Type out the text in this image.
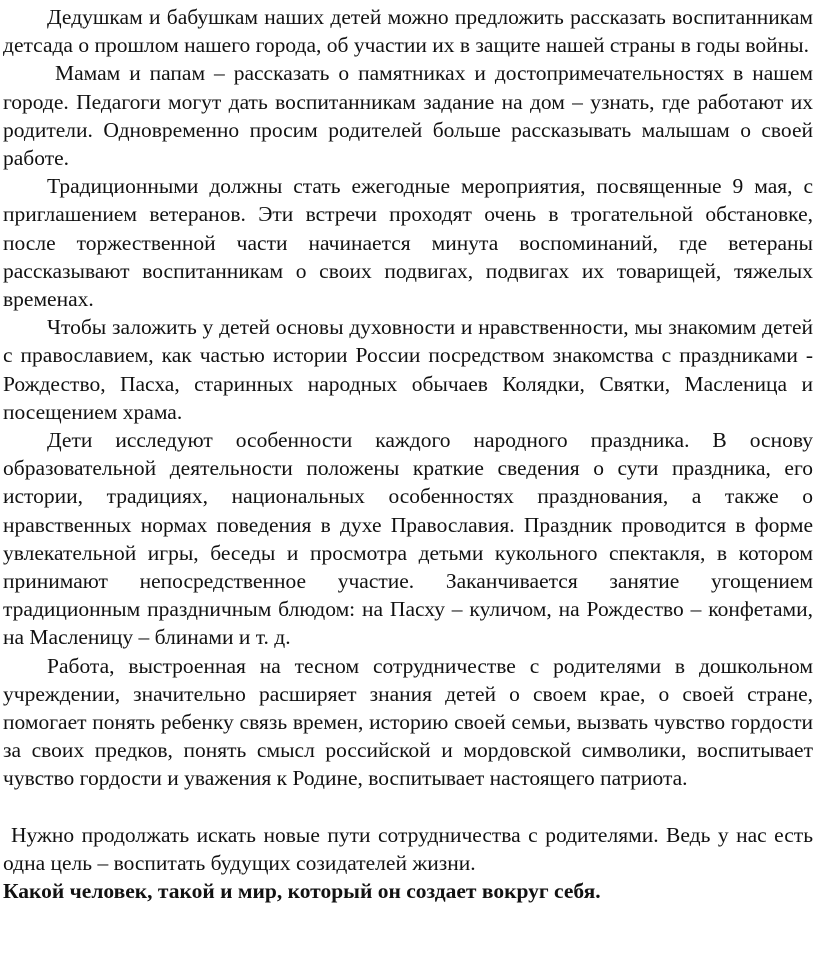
Дедушкам и бабушкам наших детей можно предложить рассказать воспитанникам детсада о прошлом нашего города, об участии их в защите нашей страны в годы войны.

Мамам и папам – рассказать о памятниках и достопримечательностях в нашем городе. Педагоги могут дать воспитанникам задание на дом – узнать, где работают их родители. Одновременно просим родителей больше рассказывать малышам о своей работе.

Традиционными должны стать ежегодные мероприятия, посвященные 9 мая, с приглашением ветеранов. Эти встречи проходят очень в трогательной обстановке, после торжественной части начинается минута воспоминаний, где ветераны рассказывают воспитанникам о своих подвигах, подвигах их товарищей, тяжелых временах.

Чтобы заложить у детей основы духовности и нравственности, мы знакомим детей с православием, как частью истории России посредством знакомства с праздниками - Рождество, Пасха, старинных народных обычаев Колядки, Святки, Масленица и посещением храма.

Дети исследуют особенности каждого народного праздника. В основу образовательной деятельности положены краткие сведения о сути праздника, его истории, традициях, национальных особенностях празднования, а также о нравственных нормах поведения в духе Православия. Праздник проводится в форме увлекательной игры, беседы и просмотра детьми кукольного спектакля, в котором принимают непосредственное участие. Заканчивается занятие угощением традиционным праздничным блюдом: на Пасху – куличом, на Рождество – конфетами, на Масленицу – блинами и т. д.

Работа, выстроенная на тесном сотрудничестве с родителями в дошкольном учреждении, значительно расширяет знания детей о своем крае, о своей стране, помогает понять ребенку связь времен, историю своей семьи, вызвать чувство гордости за своих предков, понять смысл российской и мордовской символики, воспитывает чувство гордости и уважения к Родине, воспитывает настоящего патриота.

Нужно продолжать искать новые пути сотрудничества с родителями. Ведь у нас есть одна цель – воспитать будущих созидателей жизни.

Какой человек, такой и мир, который он создает вокруг себя.
